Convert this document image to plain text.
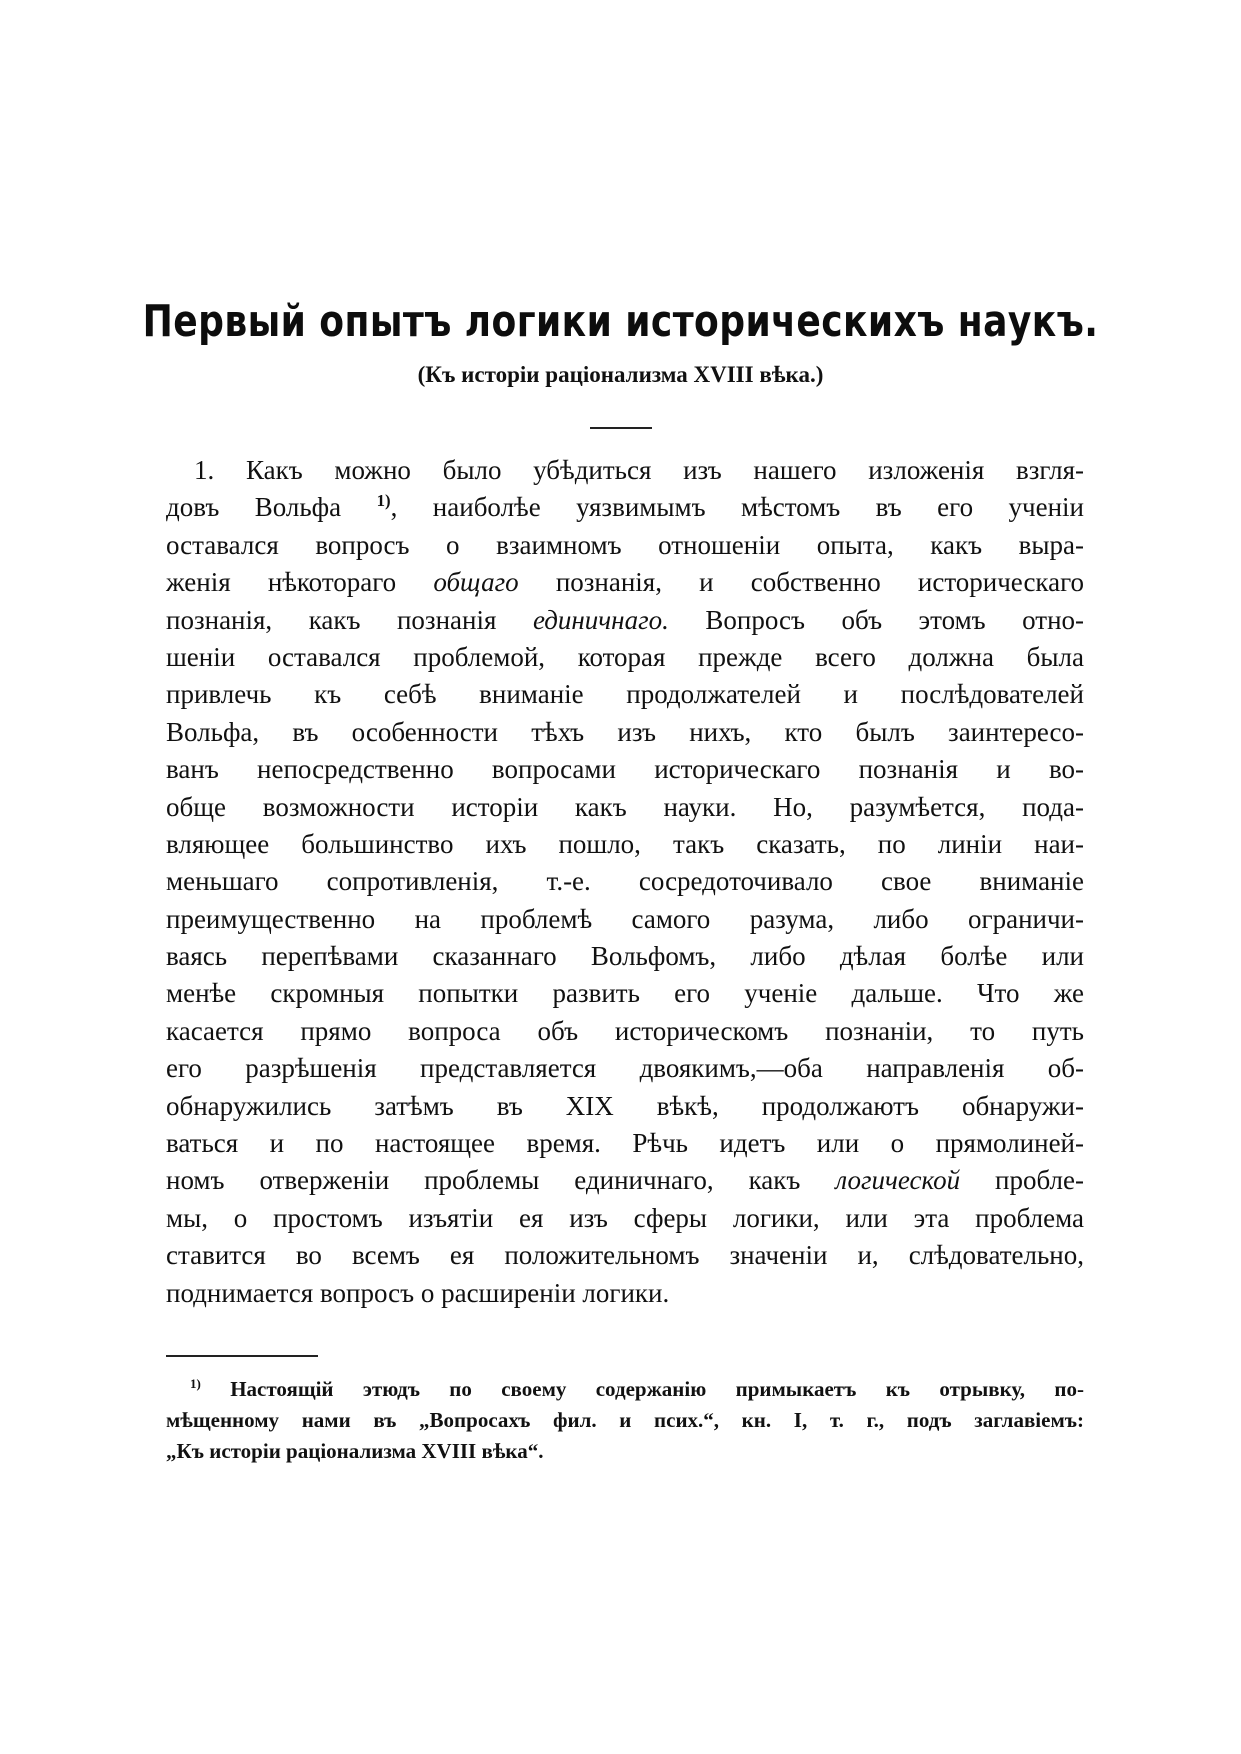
Первый опытъ логики историческихъ наукъ.
(Къ исторіи раціонализма XVIII вѣка.)
1. Какъ можно было убѣдиться изъ нашего изложенія взгля-
довъ Вольфа $^{1)}$, наиболѣе уязвимымъ мѣстомъ въ его ученіи
оставался вопросъ о взаимномъ отношеніи опыта, какъ выра-
женія нѣкотораго общаго познанія, и собственно историческаго
познанія, какъ познанія единичнаго. Вопросъ объ этомъ отно-
шеніи оставался проблемой, которая прежде всего должна была
привлечь къ себѣ вниманіе продолжателей и послѣдователей
Вольфа, въ особенности тѣхъ изъ нихъ, кто былъ заинтересо-
ванъ непосредственно вопросами историческаго познанія и во-
обще возможности исторіи какъ науки. Но, разумѣется, пода-
вляющее большинство ихъ пошло, такъ сказать, по линіи наи-
меньшаго сопротивленія, т.-е. сосредоточивало свое вниманіе
преимущественно на проблемѣ самого разума, либо ограничи-
ваясь перепѣвами сказаннаго Вольфомъ, либо дѣлая болѣе или
менѣе скромныя попытки развить его ученіе дальше. Что же
касается прямо вопроса объ историческомъ познаніи, то путь
его разрѣшенія представляется двоякимъ,—оба направленія об-
обнаружились затѣмъ въ XIX вѣкѣ, продолжаютъ обнаружи-
ваться и по настоящее время. Рѣчь идетъ или о прямолиней-
номъ отверженіи проблемы единичнаго, какъ логической пробле-
мы, о простомъ изъятіи ея изъ сферы логики, или эта проблема
ставится во всемъ ея положительномъ значеніи и, слѣдовательно,
поднимается вопросъ о расширеніи логики.
$^{1)}$ Настоящій этюдъ по своему содержанію примыкаетъ къ отрывку, по-
мѣщенному нами въ „Вопросахъ фил. и псих.“, кн. I, т. г., подъ заглавіемъ:
„Къ исторіи раціонализма XVIII вѣка“.
